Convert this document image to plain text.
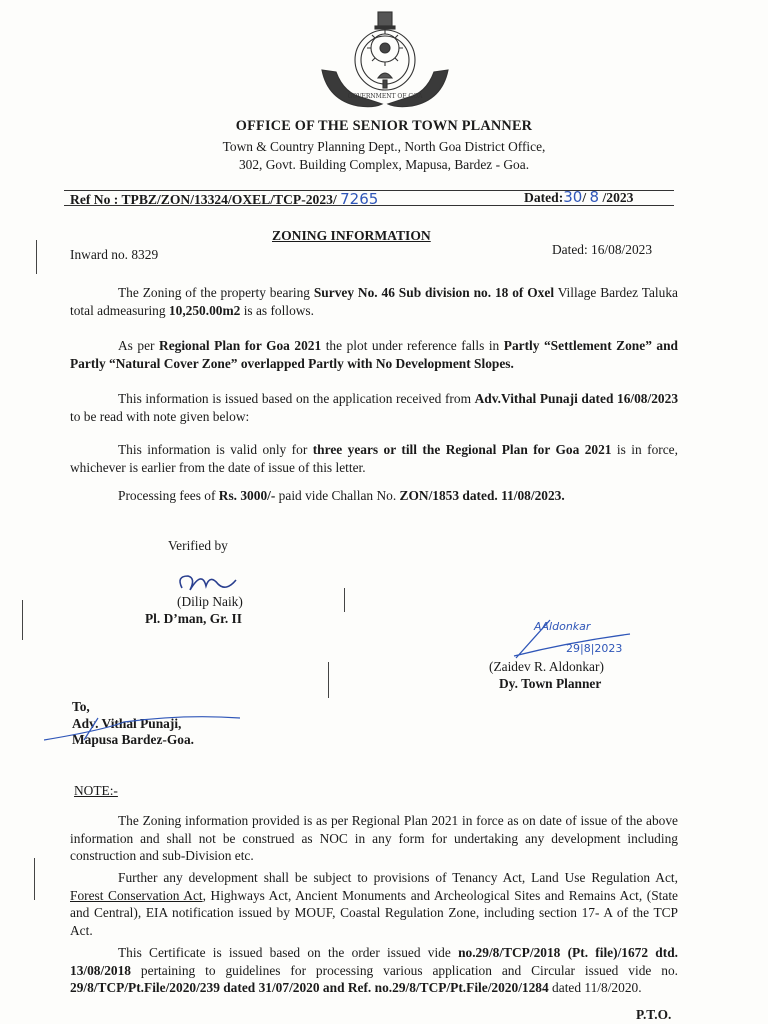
GOVERNMENT OF GOA
OFFICE OF THE SENIOR TOWN PLANNER
Town & Country Planning Dept., North Goa District Office,
302, Govt. Building Complex, Mapusa, Bardez - Goa.
Ref No : TPBZ/ZON/13324/OXEL/TCP-2023/ 7265	Dated:30/ 8 /2023
ZONING INFORMATION
Inward no. 8329	Dated: 16/08/2023
The Zoning of the property bearing Survey No. 46 Sub division no. 18 of Oxel Village Bardez Taluka total admeasuring 10,250.00m2 is as follows.
As per Regional Plan for Goa 2021 the plot under reference falls in Partly “Settlement Zone” and Partly “Natural Cover Zone” overlapped Partly with No Development Slopes.
This information is issued based on the application received from Adv.Vithal Punaji dated 16/08/2023 to be read with note given below:
This information is valid only for three years or till the Regional Plan for Goa 2021 is in force, whichever is earlier from the date of issue of this letter.
Processing fees of Rs. 3000/- paid vide Challan No. ZON/1853 dated. 11/08/2023.
Verified by
(Dilip Naik)
Pl. D’man, Gr. II
AAldonkar
29|8|2023
(Zaidev R. Aldonkar)
Dy. Town Planner
To,
Adv. Vithal Punaji,
Mapusa Bardez-Goa.
NOTE:-
The Zoning information provided is as per Regional Plan 2021 in force as on date of issue of the above information and shall not be construed as NOC in any form for undertaking any development including construction and sub-Division etc.
Further any development shall be subject to provisions of Tenancy Act, Land Use Regulation Act, Forest Conservation Act, Highways Act, Ancient Monuments and Archeological Sites and Remains Act, (State and Central), EIA notification issued by MOUF, Coastal Regulation Zone, including section 17- A of the TCP Act.
This Certificate is issued based on the order issued vide no.29/8/TCP/2018 (Pt. file)/1672 dtd. 13/08/2018 pertaining to guidelines for processing various application and Circular issued vide no. 29/8/TCP/Pt.File/2020/239 dated 31/07/2020 and Ref. no.29/8/TCP/Pt.File/2020/1284 dated 11/8/2020.
P.T.O.
